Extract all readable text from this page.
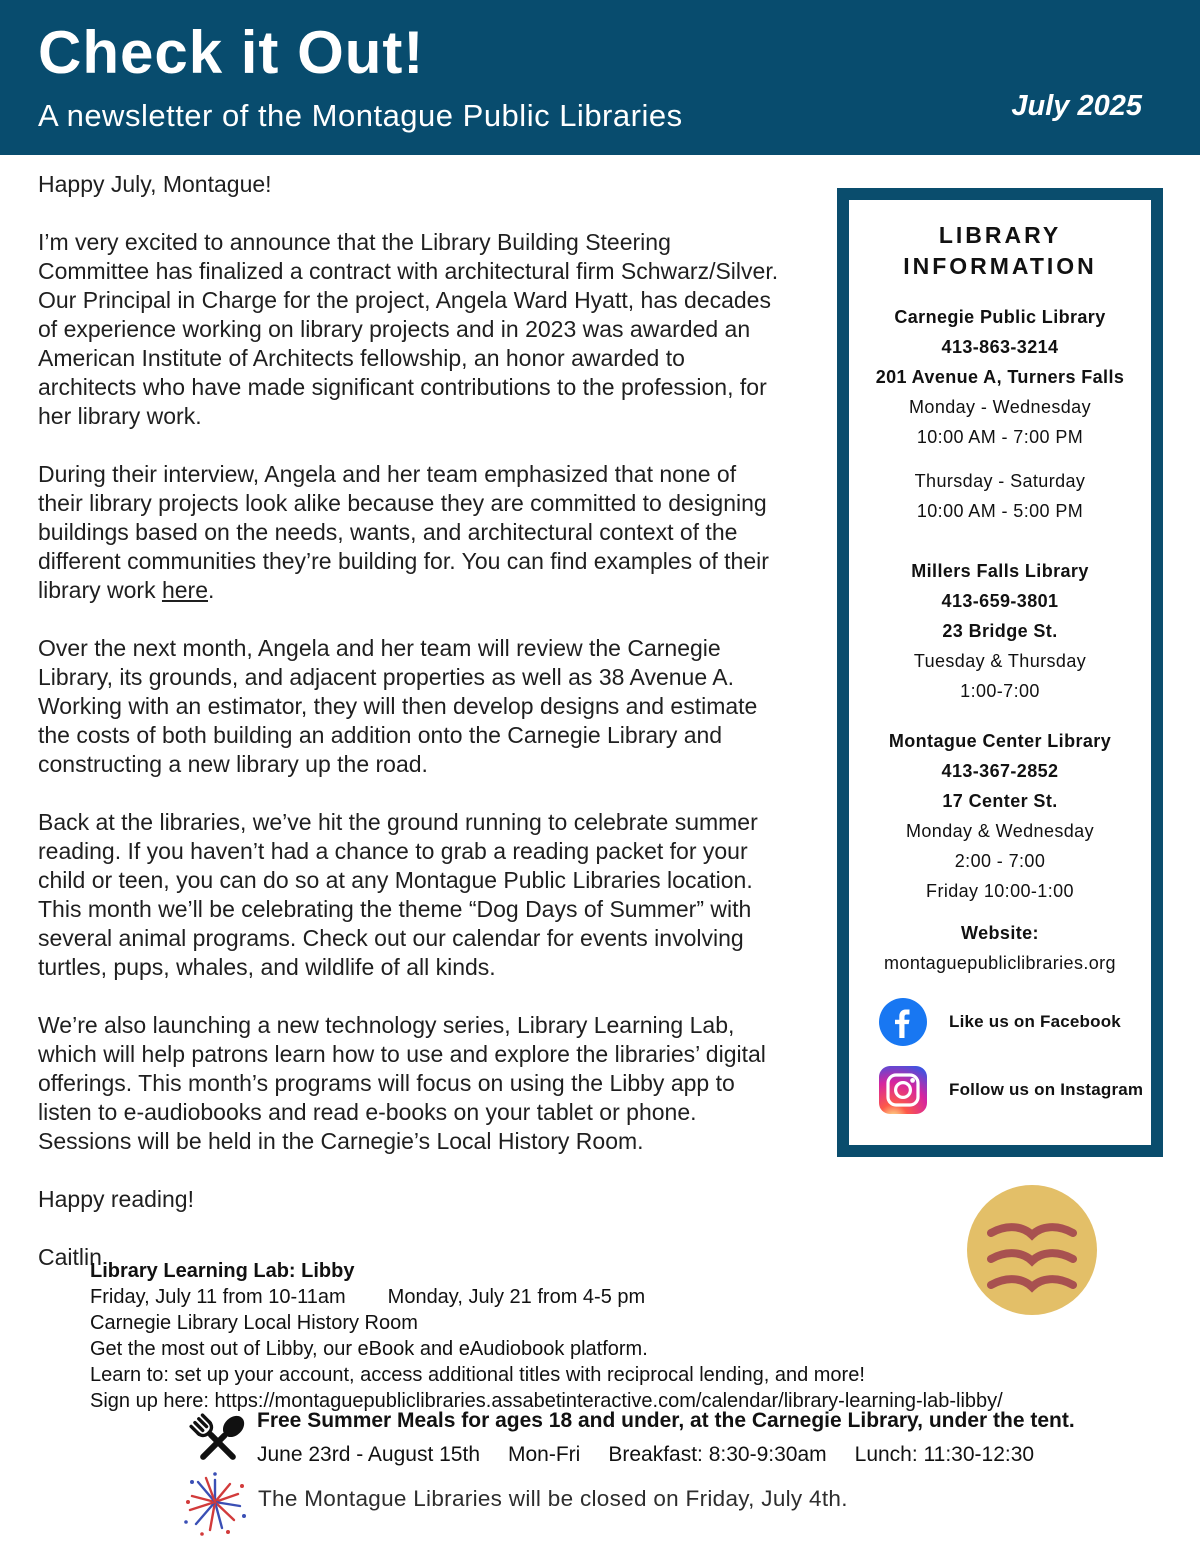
Check it Out!
A newsletter of the Montague Public Libraries	July 2025

Happy July, Montague!

I’m very excited to announce that the Library Building Steering Committee has finalized a contract with architectural firm Schwarz/Silver. Our Principal in Charge for the project, Angela Ward Hyatt, has decades of experience working on library projects and in 2023 was awarded an American Institute of Architects fellowship, an honor awarded to architects who have made significant contributions to the profession, for her library work.

During their interview, Angela and her team emphasized that none of their library projects look alike because they are committed to designing buildings based on the needs, wants, and architectural context of the different communities they’re building for. You can find examples of their library work here.

Over the next month, Angela and her team will review the Carnegie Library, its grounds, and adjacent properties as well as 38 Avenue A. Working with an estimator, they will then develop designs and estimate the costs of both building an addition onto the Carnegie Library and constructing a new library up the road.

Back at the libraries, we’ve hit the ground running to celebrate summer reading. If you haven’t had a chance to grab a reading packet for your child or teen, you can do so at any Montague Public Libraries location. This month we’ll be celebrating the theme “Dog Days of Summer” with several animal programs. Check out our calendar for events involving turtles, pups, whales, and wildlife of all kinds.

We’re also launching a new technology series, Library Learning Lab, which will help patrons learn how to use and explore the libraries’ digital offerings. This month’s programs will focus on using the Libby app to listen to e-audiobooks and read e-books on your tablet or phone. Sessions will be held in the Carnegie’s Local History Room.

Happy reading!

Caitlin

LIBRARY INFORMATION
Carnegie Public Library
413-863-3214
201 Avenue A, Turners Falls
Monday - Wednesday
10:00 AM - 7:00 PM
Thursday - Saturday
10:00 AM - 5:00 PM
Millers Falls Library
413-659-3801
23 Bridge St.
Tuesday & Thursday
1:00-7:00
Montague Center Library
413-367-2852
17 Center St.
Monday & Wednesday
2:00 - 7:00
Friday 10:00-1:00
Website:
montaguepubliclibraries.org
Like us on Facebook
Follow us on Instagram
Library Learning Lab: Libby
Friday, July 11 from 10-11am Monday, July 21 from 4-5 pm
Carnegie Library Local History Room
Get the most out of Libby, our eBook and eAudiobook platform.
Learn to: set up your account, access additional titles with reciprocal lending, and more!
Sign up here: https://montaguepubliclibraries.assabetinteractive.com/calendar/library-learning-lab-libby/
Free Summer Meals for ages 18 and under, at the Carnegie Library, under the tent.
June 23rd - August 15th Mon-Fri Breakfast: 8:30-9:30am Lunch: 11:30-12:30
The Montague Libraries will be closed on Friday, July 4th.
